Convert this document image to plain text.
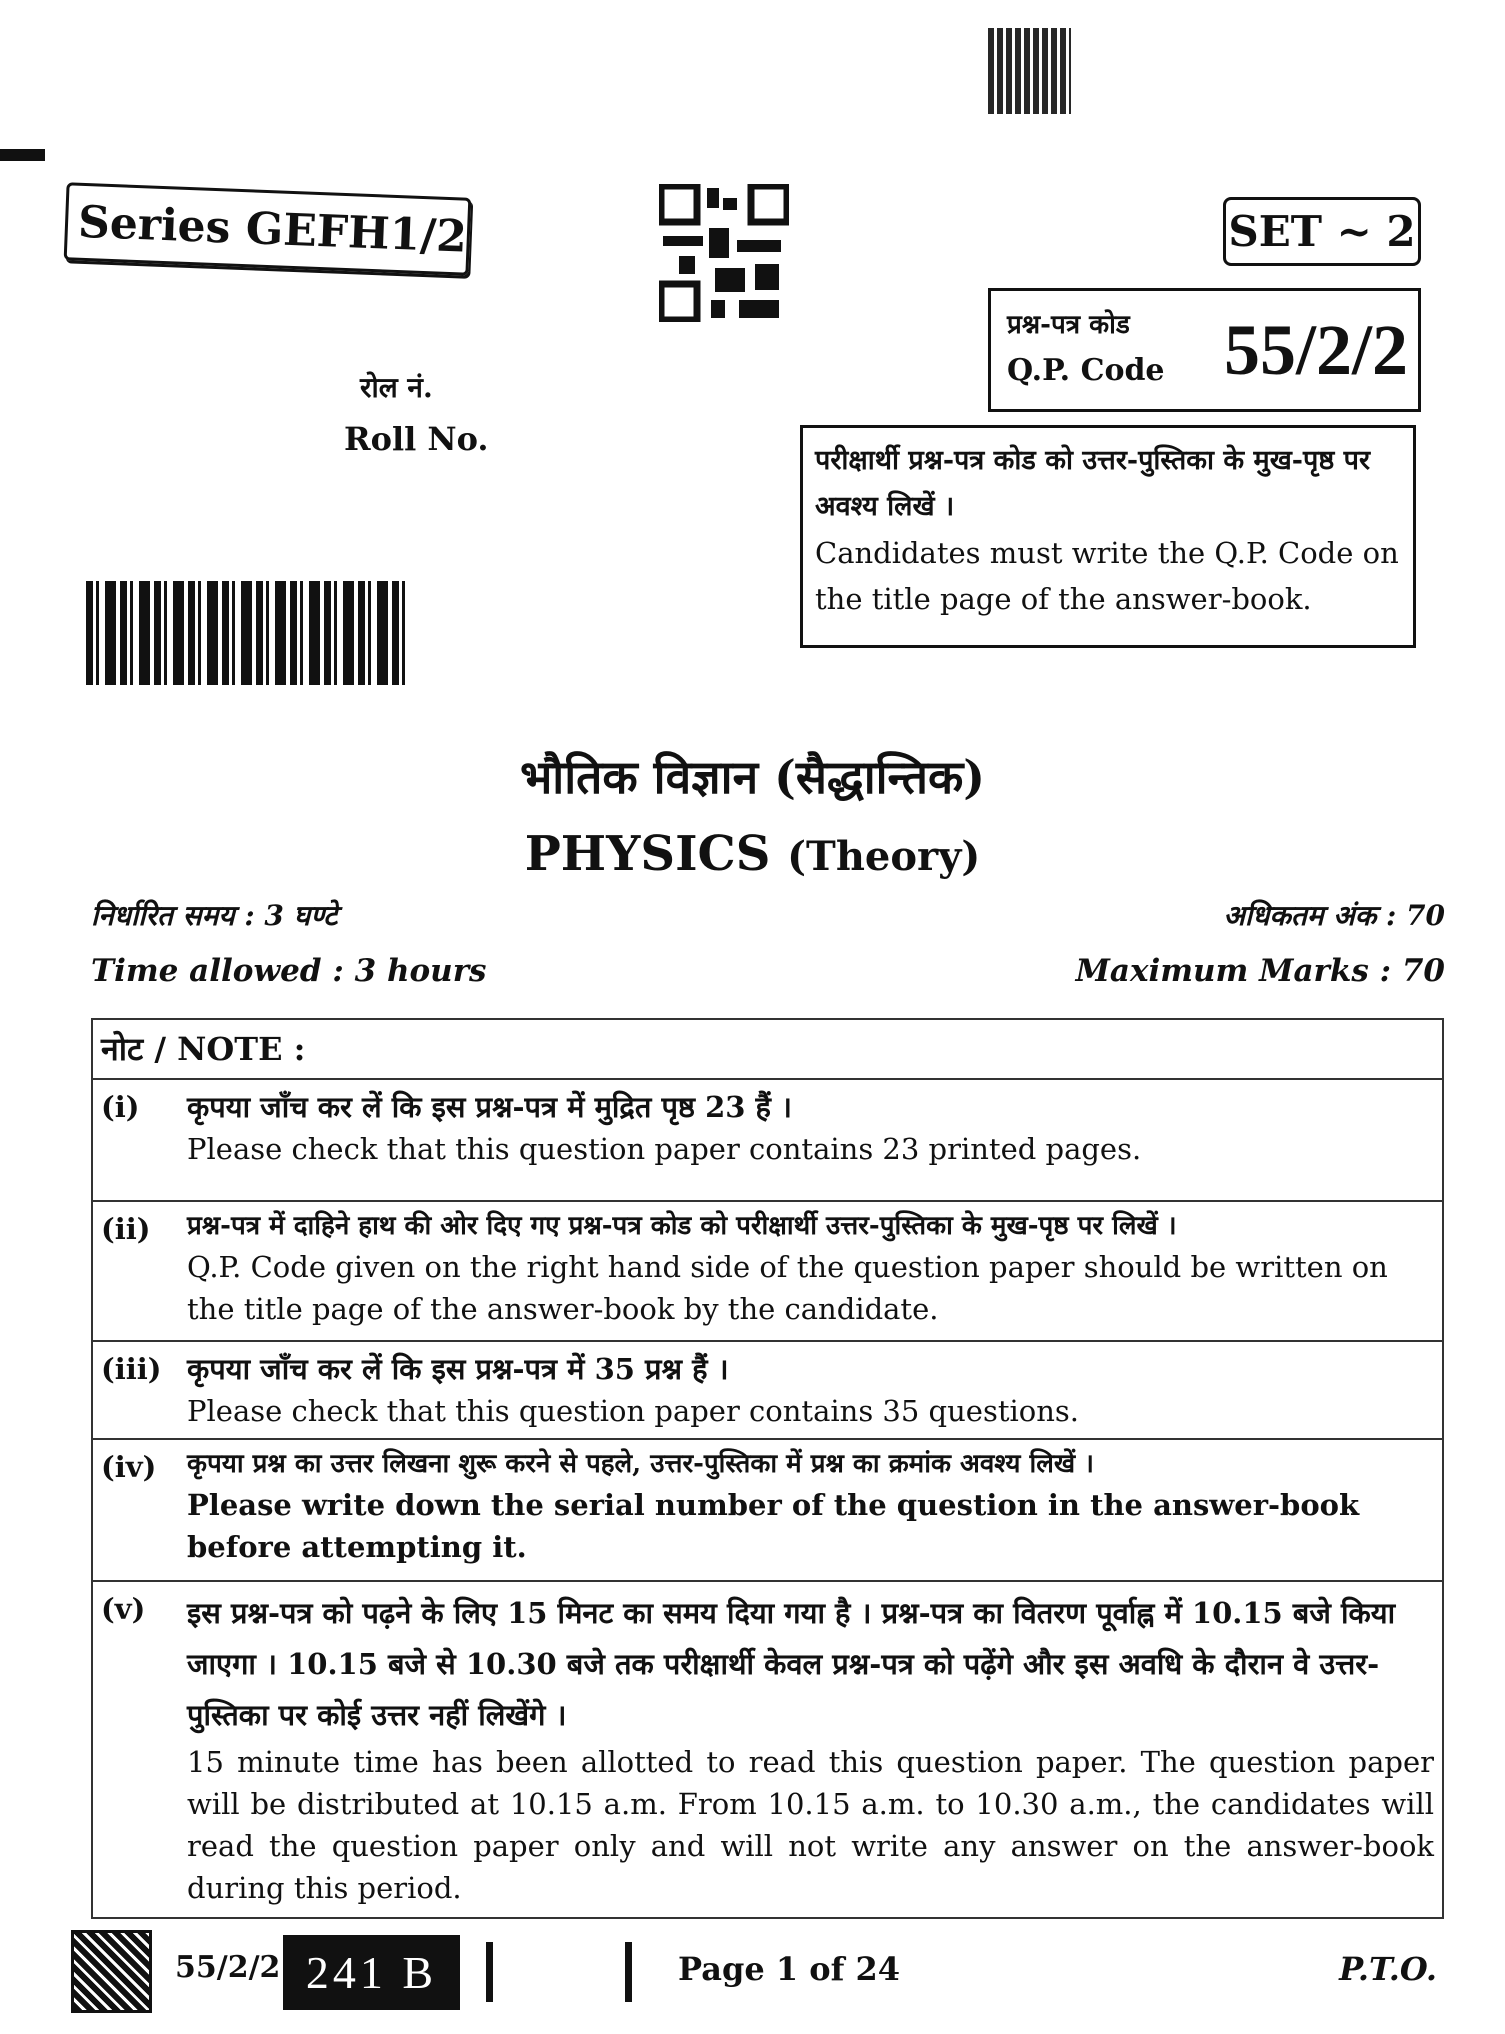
Series GEFH1/2	SET ~ 2
प्रश्न-पत्र कोड
Q.P. Code 55/2/2
रोल नं.
Roll No.
परीक्षार्थी प्रश्न-पत्र कोड को उत्तर-पुस्तिका के मुख-पृष्ठ पर अवश्य लिखें ।
Candidates must write the Q.P. Code on the title page of the answer-book.
भौतिक विज्ञान (सैद्धान्तिक)
PHYSICS (Theory)
निर्धारित समय : 3 घण्टे
Time allowed : 3 hours
अधिकतम अंक : 70
Maximum Marks : 70
नोट / NOTE :	
(i)	कृपया जाँच कर लें कि इस प्रश्न-पत्र में मुद्रित पृष्ठ 23 हैं ।
Please check that this question paper contains 23 printed pages.

(ii)	प्रश्न-पत्र में दाहिने हाथ की ओर दिए गए प्रश्न-पत्र कोड को परीक्षार्थी उत्तर-पुस्तिका के मुख-पृष्ठ पर लिखें ।
Q.P. Code given on the right hand side of the question paper should be written on the title page of the answer-book by the candidate.

(iii)	कृपया जाँच कर लें कि इस प्रश्न-पत्र में 35 प्रश्न हैं ।
Please check that this question paper contains 35 questions.

(iv)	कृपया प्रश्न का उत्तर लिखना शुरू करने से पहले, उत्तर-पुस्तिका में प्रश्न का क्रमांक अवश्य लिखें ।
Please write down the serial number of the question in the answer-book before attempting it.

(v)	इस प्रश्न-पत्र को पढ़ने के लिए 15 मिनट का समय दिया गया है । प्रश्न-पत्र का वितरण पूर्वाह्न में 10.15 बजे किया जाएगा । 10.15 बजे से 10.30 बजे तक परीक्षार्थी केवल प्रश्न-पत्र को पढ़ेंगे और इस अवधि के दौरान वे उत्तर-पुस्तिका पर कोई उत्तर नहीं लिखेंगे ।
15 minute time has been allotted to read this question paper. The question paper will be distributed at 10.15 a.m. From 10.15 a.m. to 10.30 a.m., the candidates will read the question paper only and will not write any answer on the answer-book during this period.
55/2/2 241 B	Page 1 of 24	P.T.O.
